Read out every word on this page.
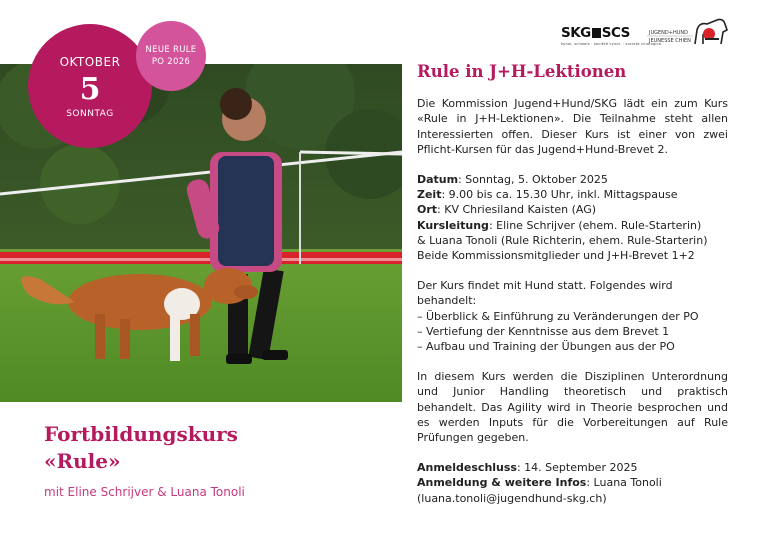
OKTOBER
5
SONNTAG
NEUE RULE
PO 2026
SKG SCS
kynol. schweiz · société cynol. · società cinologica
JUGEND+HUND
JEUNESSE CHIEN
Fortbildungskurs
«Rule»
mit Eline Schrijver & Luana Tonoli
Rule in J+H-Lektionen

Die Kommission Jugend+Hund/SKG lädt ein zum Kurs «Rule in J+H-Lektionen». Die Teilnahme steht allen Interessierten offen. Dieser Kurs ist einer von zwei Pflicht-Kursen für das Jugend+Hund-Brevet 2.

Datum: Sonntag, 5. Oktober 2025

Zeit: 9.00 bis ca. 15.30 Uhr, inkl. Mittagspause

Ort: KV Chriesiland Kaisten (AG)

Kursleitung: Eline Schrijver (ehem. Rule-Starterin)

& Luana Tonoli (Rule Richterin, ehem. Rule-Starterin)

Beide Kommissionsmitglieder und J+H-Brevet 1+2

Der Kurs findet mit Hund statt. Folgendes wird behandelt:

– Überblick & Einführung zu Veränderungen der PO

– Vertiefung der Kenntnisse aus dem Brevet 1

– Aufbau und Training der Übungen aus der PO

In diesem Kurs werden die Disziplinen Unterordnung und Junior Handling theoretisch und praktisch behandelt. Das Agility wird in Theorie besprochen und es werden Inputs für die Vorbereitungen auf Rule Prüfungen gegeben.

Anmeldeschluss: 14. September 2025

Anmeldung & weitere Infos: Luana Tonoli

(luana.tonoli@jugendhund-skg.ch)
